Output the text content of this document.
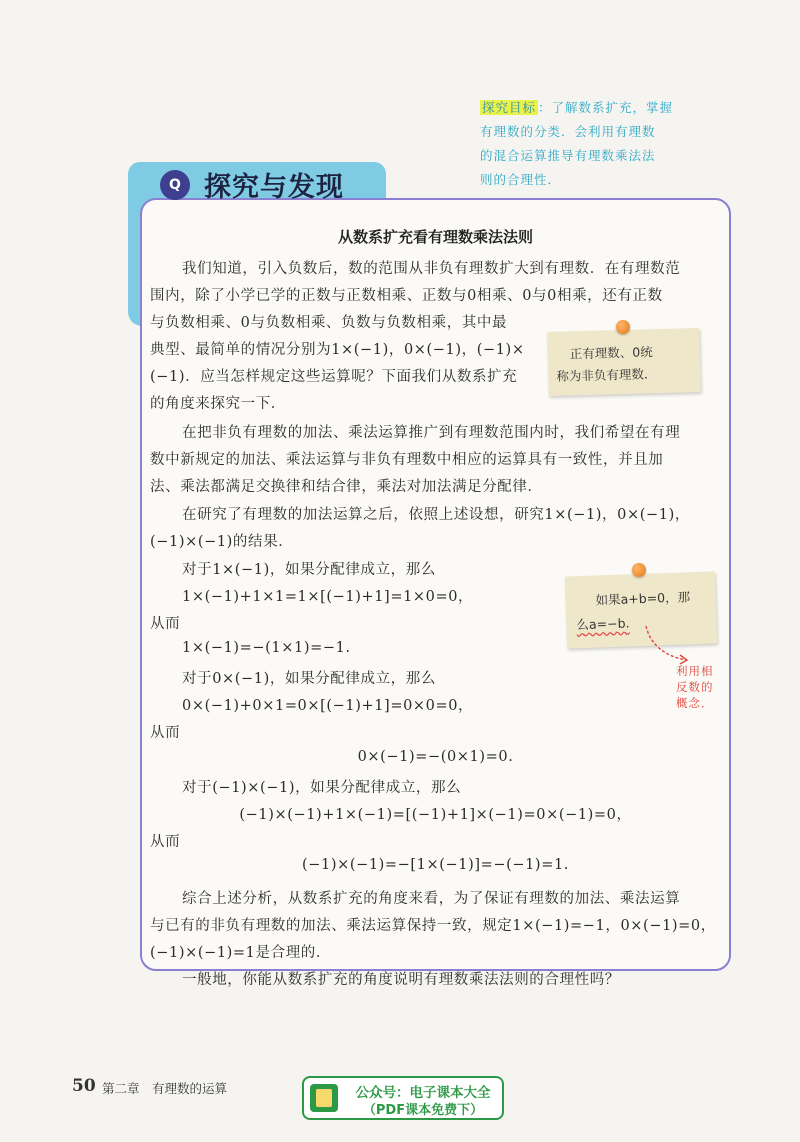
探究目标 ：了解数系扩充，掌握
有理数的分类．会利用有理数
的混合运算推导有理数乘法法
则的合理性．
Q 探究与发现
从数系扩充看有理数乘法法则
我们知道，引入负数后，数的范围从非负有理数扩大到有理数．在有理数范
围内，除了小学已学的正数与正数相乘、正数与0相乘、0与0相乘，还有正数
与负数相乘、0与负数相乘、负数与负数相乘，其中最
典型、最简单的情况分别为1×(−1)，0×(−1)，(−1)×
(−1)．应当怎样规定这些运算呢？下面我们从数系扩充
的角度来探究一下．
在把非负有理数的加法、乘法运算推广到有理数范围内时，我们希望在有理
数中新规定的加法、乘法运算与非负有理数中相应的运算具有一致性，并且加
法、乘法都满足交换律和结合律，乘法对加法满足分配律．
在研究了有理数的加法运算之后，依照上述设想，研究1×(−1)，0×(−1)，
(−1)×(−1)的结果．
对于1×(−1)，如果分配律成立，那么
1×(−1)+1×1=1×[(−1)+1]=1×0=0，
从而
1×(−1)=−(1×1)=−1.
对于0×(−1)，如果分配律成立，那么
0×(−1)+0×1=0×[(−1)+1]=0×0=0，
从而
0×(−1)=−(0×1)=0.
对于(−1)×(−1)，如果分配律成立，那么
(−1)×(−1)+1×(−1)=[(−1)+1]×(−1)=0×(−1)=0，
从而
(−1)×(−1)=−[1×(−1)]=−(−1)=1.
综合上述分析，从数系扩充的角度来看，为了保证有理数的加法、乘法运算
与已有的非负有理数的加法、乘法运算保持一致，规定1×(−1)=−1，0×(−1)=0，
(−1)×(−1)=1是合理的．
一般地，你能从数系扩充的角度说明有理数乘法法则的合理性吗？
正有理数、0统
称为非负有理数．
如果a+b=0，那
么a=−b.
利用相
反数的
概念．
50 第二章　有理数的运算	公众号：电子课本大全
（PDF课本免费下）
